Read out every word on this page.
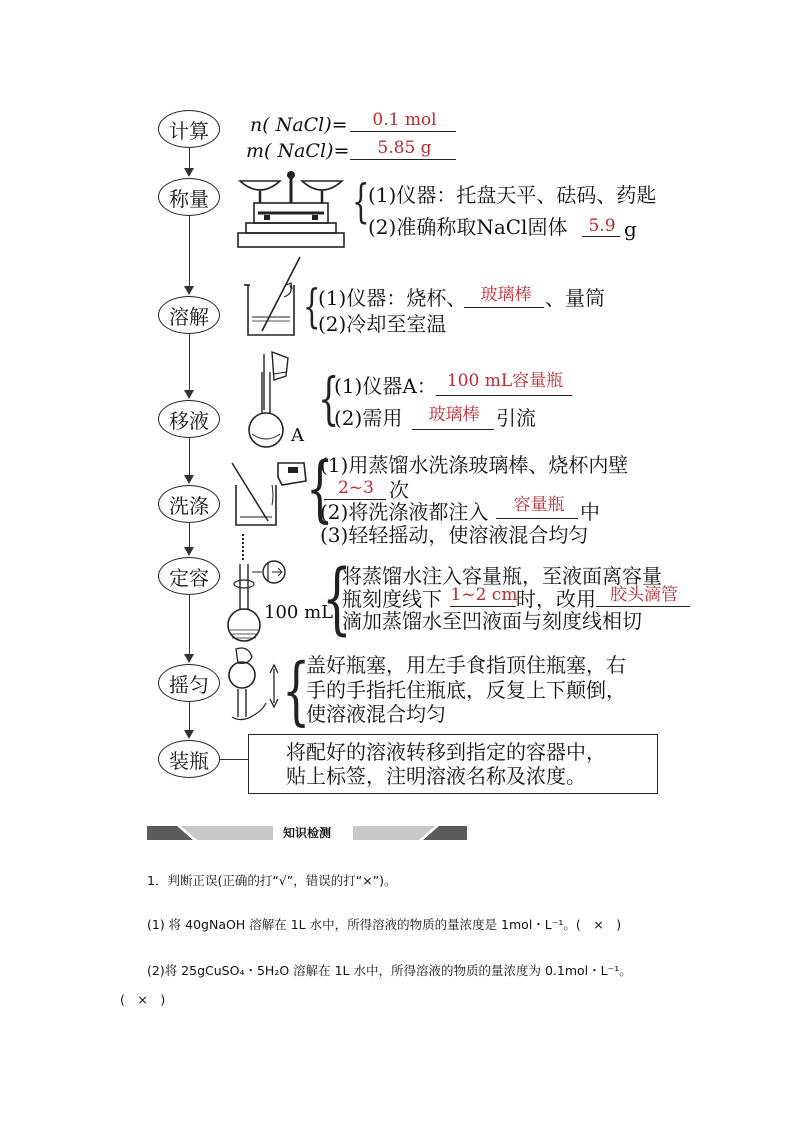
计算
称量
溶解
移液
洗涤
定容
摇匀
装瓶
n( NaCl)=	0.1 mol
m( NaCl)=	5.85 g
{
(1)仪器：托盘天平、砝码、药匙
(2)准确称取NaCl固体 5.9 g
{
(1)仪器：烧杯、 玻璃棒 、量筒
(2)冷却至室温
A
{
(1)仪器A： 100 mL容量瓶
(2)需用	玻璃棒 引流
{
(1)用蒸馏水洗涤玻璃棒、烧杯内壁
2~3 次
(2)将洗涤液都注入	容量瓶 中
(3)轻轻摇动，使溶液混合均匀
100 mL
{
将蒸馏水注入容量瓶，至液面离容量
瓶刻度线下 1~2 cm
时，改用 胶头滴管
滴加蒸馏水至凹液面与刻度线相切
{
盖好瓶塞，用左手食指顶住瓶塞，右
手的手指托住瓶底，反复上下颠倒，
使溶液混合均匀
将配好的溶液转移到指定的容器中，
贴上标签，注明溶液名称及浓度。
知识检测
1．判断正误(正确的打“√”，错误的打“×”)。
(1) 将 40gNaOH 溶解在 1L 水中，所得溶液的物质的量浓度是 1mol・L⁻¹。(　×　)
(2)将 25gCuSO₄・5H₂O 溶解在 1L 水中，所得溶液的物质的量浓度为 0.1mol・L⁻¹。
(　×　)
